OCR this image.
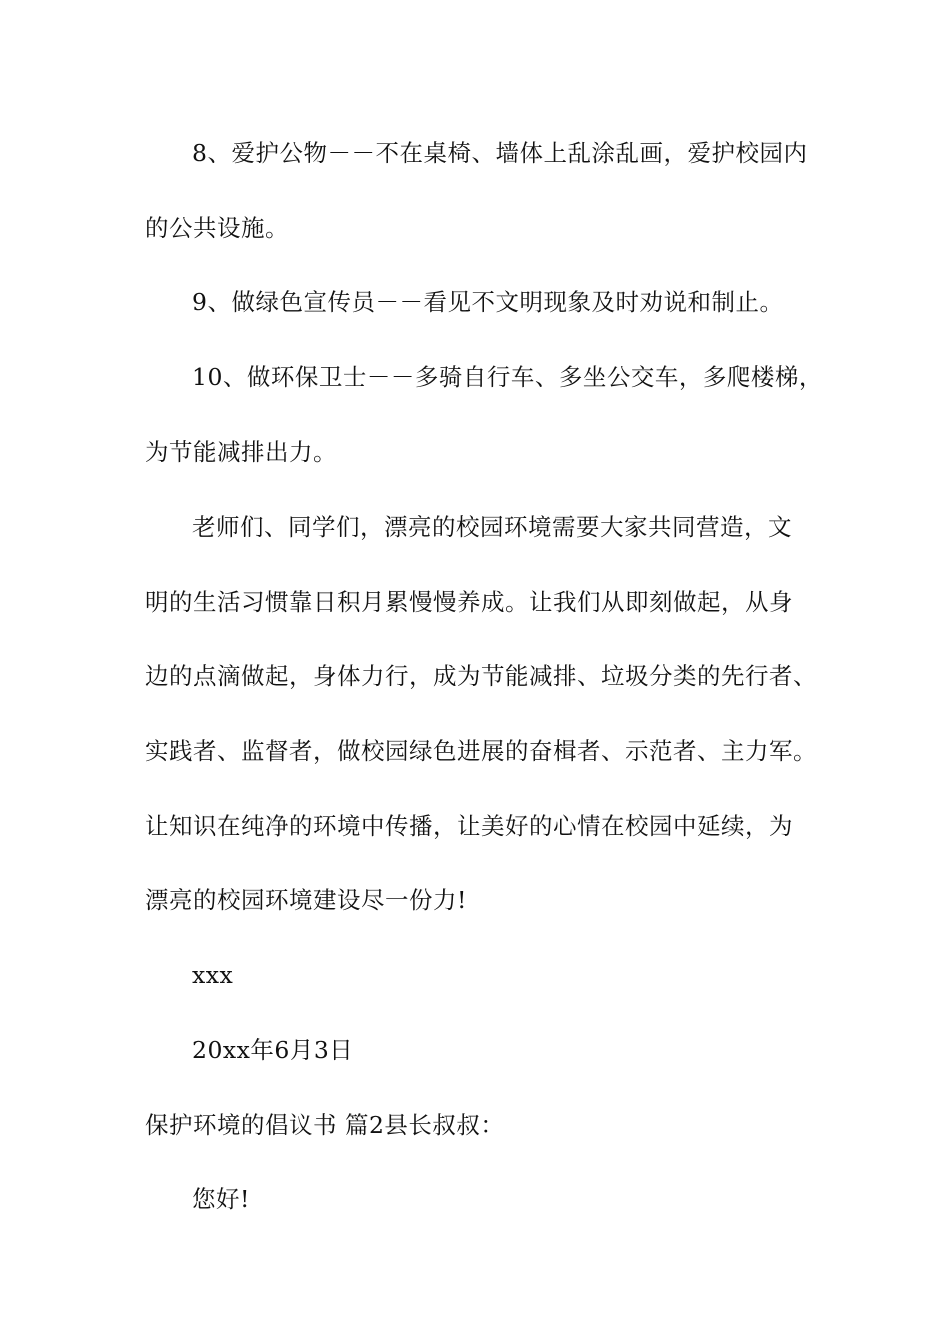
8、爱护公物－－不在桌椅、墙体上乱涂乱画，爱护校园内
的公共设施。
9、做绿色宣传员－－看见不文明现象及时劝说和制止。
10、做环保卫士－－多骑自行车、多坐公交车，多爬楼梯，
为节能减排出力。
老师们、同学们，漂亮的校园环境需要大家共同营造，文
明的生活习惯靠日积月累慢慢养成。让我们从即刻做起，从身
边的点滴做起，身体力行，成为节能减排、垃圾分类的先行者、
实践者、监督者，做校园绿色进展的奋楫者、示范者、主力军。
让知识在纯净的环境中传播，让美好的心情在校园中延续，为
漂亮的校园环境建设尽一份力!
xxx
20xx年6月3日
保护环境的倡议书 篇2县长叔叔：
您好!
